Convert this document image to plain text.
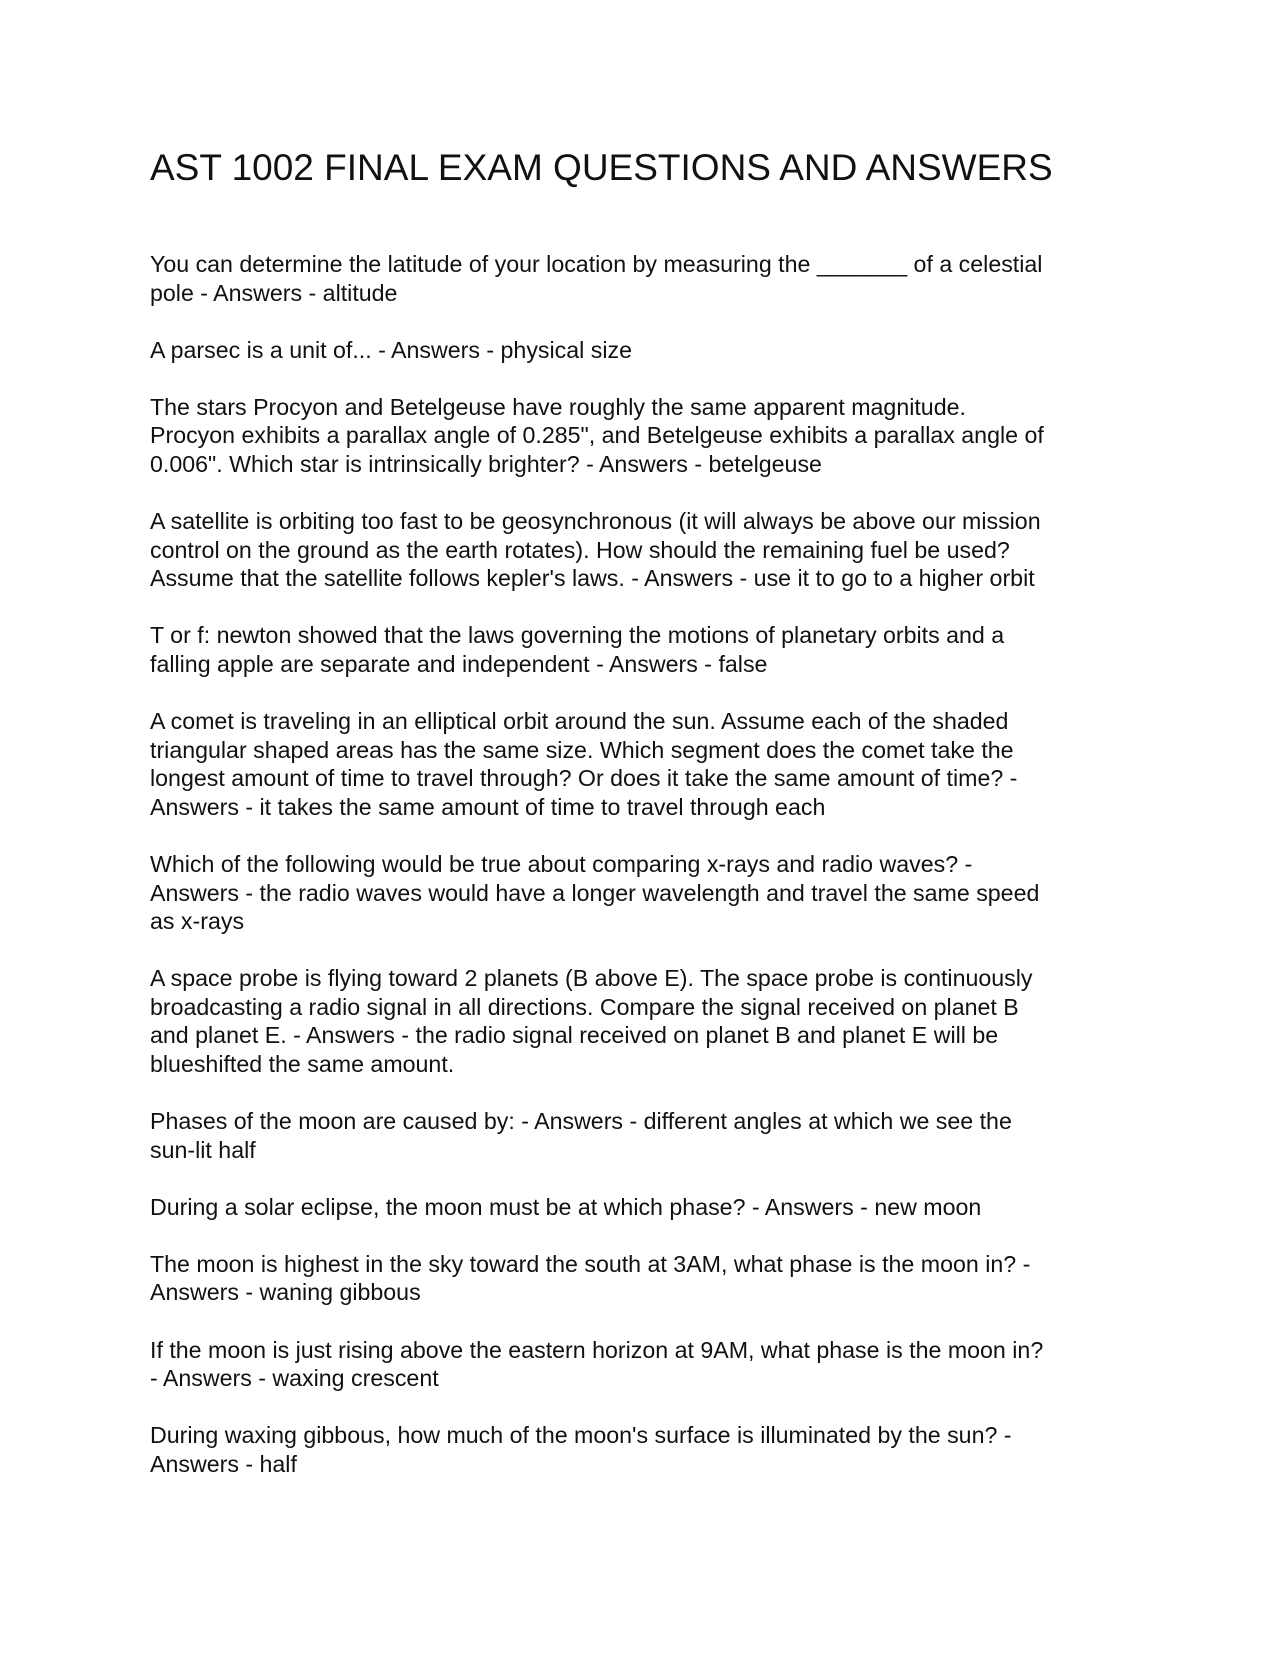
AST 1002 FINAL EXAM QUESTIONS AND ANSWERS
You can determine the latitude of your location by measuring the _______ of a celestial
pole - Answers - altitude
A parsec is a unit of... - Answers - physical size
The stars Procyon and Betelgeuse have roughly the same apparent magnitude.
Procyon exhibits a parallax angle of 0.285", and Betelgeuse exhibits a parallax angle of
0.006". Which star is intrinsically brighter? - Answers - betelgeuse
A satellite is orbiting too fast to be geosynchronous (it will always be above our mission
control on the ground as the earth rotates). How should the remaining fuel be used?
Assume that the satellite follows kepler's laws. - Answers - use it to go to a higher orbit
T or f: newton showed that the laws governing the motions of planetary orbits and a
falling apple are separate and independent - Answers - false
A comet is traveling in an elliptical orbit around the sun. Assume each of the shaded
triangular shaped areas has the same size. Which segment does the comet take the
longest amount of time to travel through? Or does it take the same amount of time? -
Answers - it takes the same amount of time to travel through each
Which of the following would be true about comparing x-rays and radio waves? -
Answers - the radio waves would have a longer wavelength and travel the same speed
as x-rays
A space probe is flying toward 2 planets (B above E). The space probe is continuously
broadcasting a radio signal in all directions. Compare the signal received on planet B
and planet E. - Answers - the radio signal received on planet B and planet E will be
blueshifted the same amount.
Phases of the moon are caused by: - Answers - different angles at which we see the
sun-lit half
During a solar eclipse, the moon must be at which phase? - Answers - new moon
The moon is highest in the sky toward the south at 3AM, what phase is the moon in? -
Answers - waning gibbous
If the moon is just rising above the eastern horizon at 9AM, what phase is the moon in?
- Answers - waxing crescent
During waxing gibbous, how much of the moon's surface is illuminated by the sun? -
Answers - half
